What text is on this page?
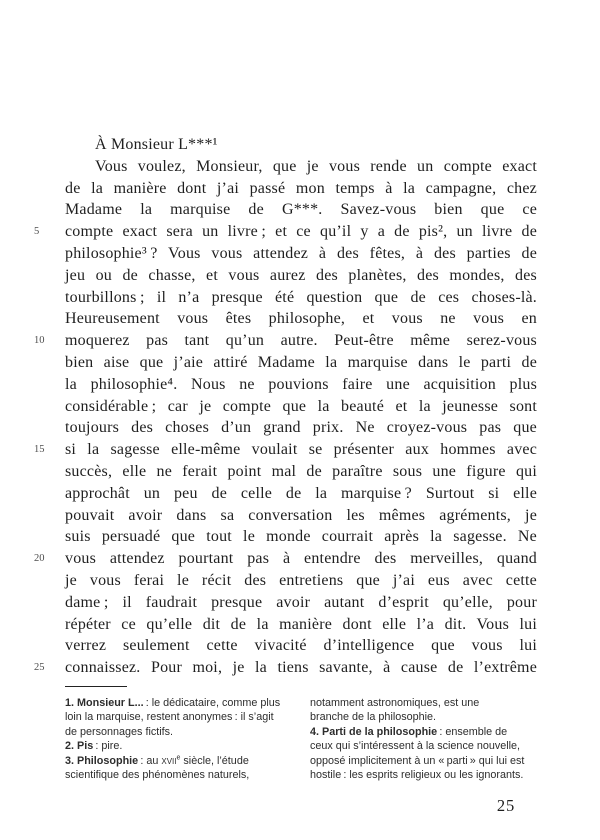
À Monsieur L***¹
Vous voulez, Monsieur, que je vous rende un compte exact
de la manière dont j’ai passé mon temps à la campagne, chez
Madame la marquise de G***. Savez-vous bien que ce
5	compte exact sera un livre ; et ce qu’il y a de pis², un livre de
philosophie³ ? Vous vous attendez à des fêtes, à des parties de
jeu ou de chasse, et vous aurez des planètes, des mondes, des
tourbillons ; il n’a presque été question que de ces choses-là.
Heureusement vous êtes philosophe, et vous ne vous en
10	moquerez pas tant qu’un autre. Peut-être même serez-vous
bien aise que j’aie attiré Madame la marquise dans le parti de
la philosophie⁴. Nous ne pouvions faire une acquisition plus
considérable ; car je compte que la beauté et la jeunesse sont
toujours des choses d’un grand prix. Ne croyez-vous pas que
15	si la sagesse elle-même voulait se présenter aux hommes avec
succès, elle ne ferait point mal de paraître sous une figure qui
approchât un peu de celle de la marquise ? Surtout si elle
pouvait avoir dans sa conversation les mêmes agréments, je
suis persuadé que tout le monde courrait après la sagesse. Ne
20	vous attendez pourtant pas à entendre des merveilles, quand
je vous ferai le récit des entretiens que j’ai eus avec cette
dame ; il faudrait presque avoir autant d’esprit qu’elle, pour
répéter ce qu’elle dit de la manière dont elle l’a dit. Vous lui
verrez seulement cette vivacité d’intelligence que vous lui
25	connaissez. Pour moi, je la tiens savante, à cause de l’extrême
1. Monsieur L... : le dédicataire, comme plus
loin la marquise, restent anonymes : il s’agit
de personnages fictifs.
2. Pis : pire.
3. Philosophie : au xvii$^e$ siècle, l’étude
scientifique des phénomènes naturels,
notamment astronomiques, est une
branche de la philosophie.
4. Parti de la philosophie : ensemble de
ceux qui s’intéressent à la science nouvelle,
opposé implicitement à un « parti » qui lui est
hostile : les esprits religieux ou les ignorants.
25
